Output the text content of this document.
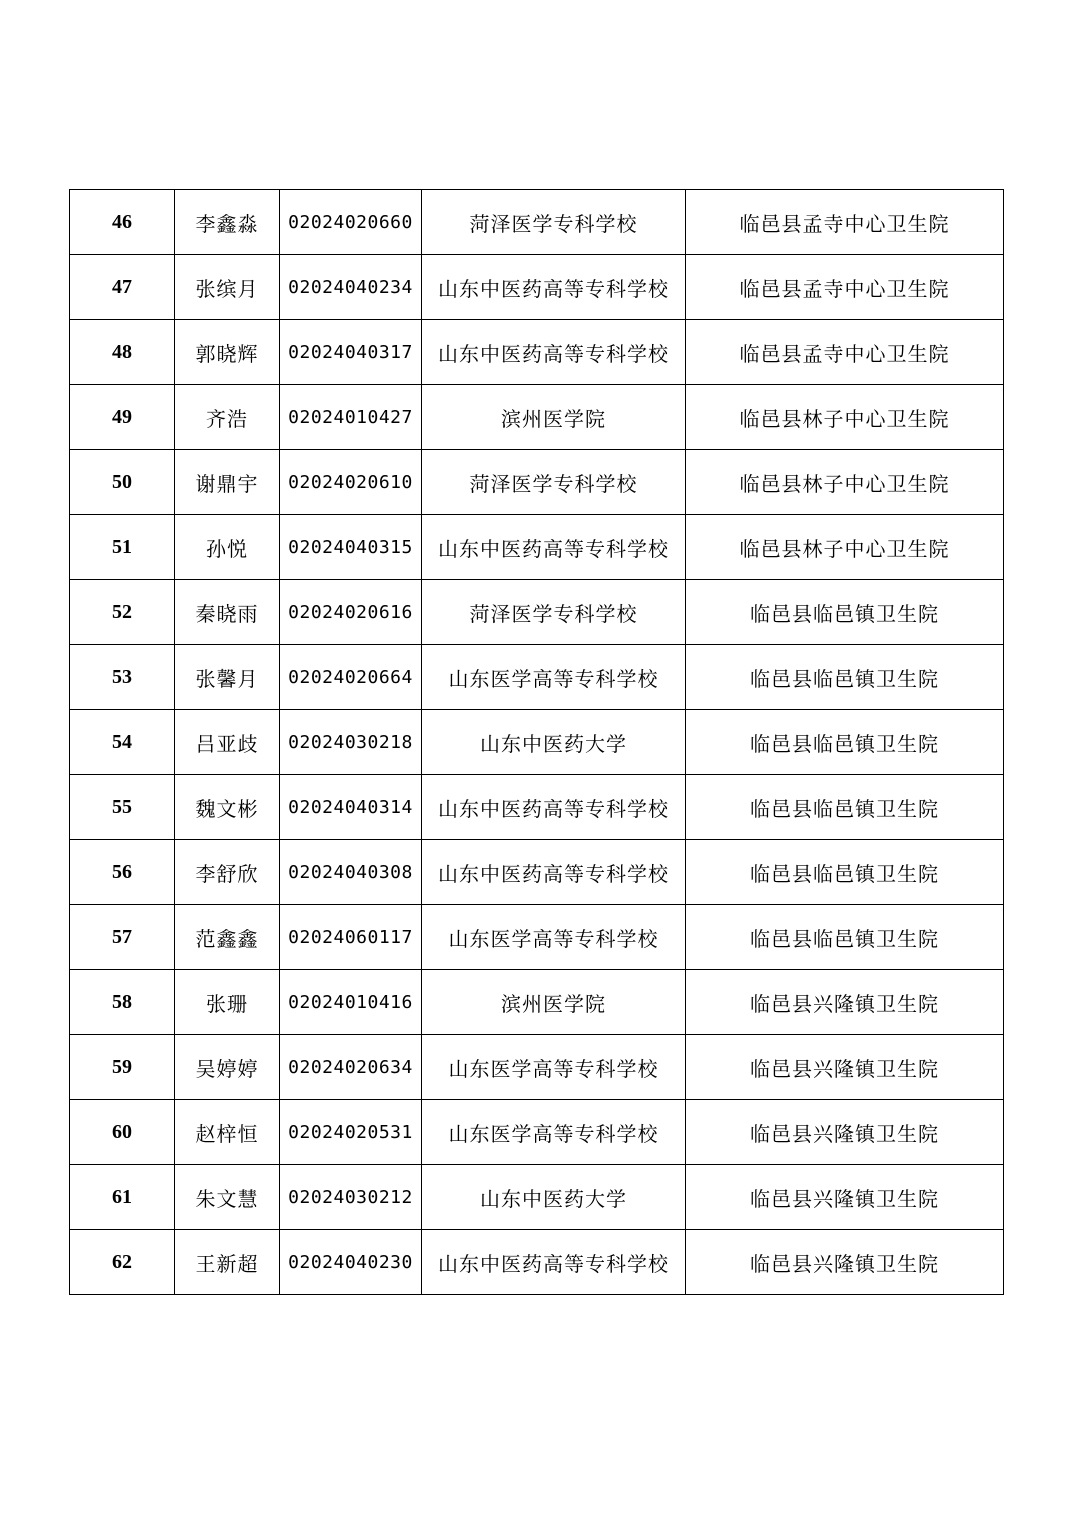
46	李鑫淼	02024020660	菏泽医学专科学校	临邑县孟寺中心卫生院
47	张缤月	02024040234	山东中医药高等专科学校	临邑县孟寺中心卫生院
48	郭晓辉	02024040317	山东中医药高等专科学校	临邑县孟寺中心卫生院
49	齐浩	02024010427	滨州医学院	临邑县林子中心卫生院
50	谢鼎宇	02024020610	菏泽医学专科学校	临邑县林子中心卫生院
51	孙悦	02024040315	山东中医药高等专科学校	临邑县林子中心卫生院
52	秦晓雨	02024020616	菏泽医学专科学校	临邑县临邑镇卫生院
53	张馨月	02024020664	山东医学高等专科学校	临邑县临邑镇卫生院
54	吕亚歧	02024030218	山东中医药大学	临邑县临邑镇卫生院
55	魏文彬	02024040314	山东中医药高等专科学校	临邑县临邑镇卫生院
56	李舒欣	02024040308	山东中医药高等专科学校	临邑县临邑镇卫生院
57	范鑫鑫	02024060117	山东医学高等专科学校	临邑县临邑镇卫生院
58	张珊	02024010416	滨州医学院	临邑县兴隆镇卫生院
59	吴婷婷	02024020634	山东医学高等专科学校	临邑县兴隆镇卫生院
60	赵梓恒	02024020531	山东医学高等专科学校	临邑县兴隆镇卫生院
61	朱文慧	02024030212	山东中医药大学	临邑县兴隆镇卫生院
62	王新超	02024040230	山东中医药高等专科学校	临邑县兴隆镇卫生院
